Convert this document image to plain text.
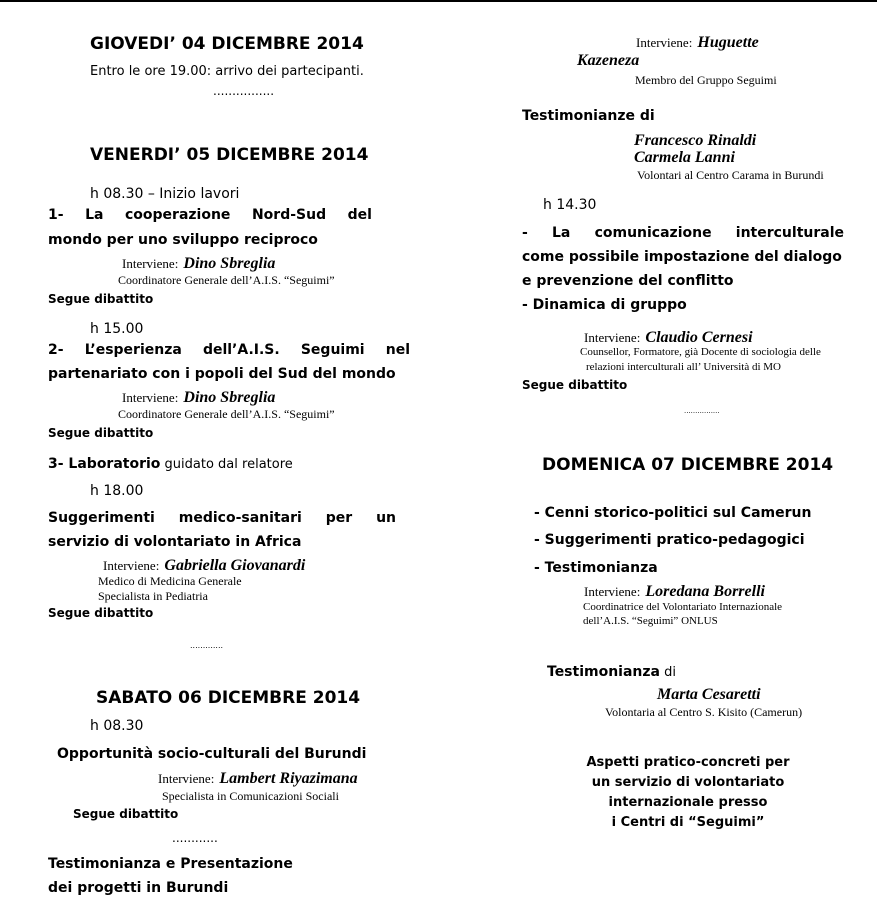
GIOVEDI’ 04 DICEMBRE 2014
Entro le ore 19.00: arrivo dei partecipanti.
................
VENERDI’ 05 DICEMBRE 2014
h 08.30 – Inizio lavori
1- La cooperazione Nord-Sud del
mondo per uno sviluppo reciproco
Interviene: Dino Sbreglia
Coordinatore Generale dell’A.I.S. “Seguimi”
Segue dibattito
h 15.00
2- L’esperienza dell’A.I.S. Seguimi nel
partenariato con i popoli del Sud del mondo
Interviene: Dino Sbreglia
Coordinatore Generale dell’A.I.S. “Seguimi”
Segue dibattito
3- Laboratorio guidato dal relatore
h 18.00
Suggerimenti medico-sanitari per un
servizio di volontariato in Africa
Interviene: Gabriella Giovanardi
Medico di Medicina Generale
Specialista in Pediatria
Segue dibattito
.............
SABATO 06 DICEMBRE 2014
h 08.30
Opportunità socio-culturali del Burundi
Interviene: Lambert Riyazimana
Specialista in Comunicazioni Sociali
Segue dibattito
............
Testimonianza e Presentazione
dei progetti in Burundi
Interviene: Huguette
Kazeneza
Membro del Gruppo Seguimi
Testimonianze di
Francesco Rinaldi
Carmela Lanni
Volontari al Centro Carama in Burundi
h 14.30
- La comunicazione interculturale
come possibile impostazione del dialogo
e prevenzione del conflitto
- Dinamica di gruppo
Interviene: Claudio Cernesi
Counsellor, Formatore, già Docente di sociologia delle
relazioni interculturali all’ Università di MO
Segue dibattito
................
DOMENICA 07 DICEMBRE 2014
- Cenni storico-politici sul Camerun
- Suggerimenti pratico-pedagogici
- Testimonianza
Interviene: Loredana Borrelli
Coordinatrice del Volontariato Internazionale
dell’A.I.S. “Seguimi” ONLUS
Testimonianza di
Marta Cesaretti
Volontaria al Centro S. Kisito (Camerun)
Aspetti pratico-concreti per
un servizio di volontariato
internazionale presso
i Centri di “Seguimi”
